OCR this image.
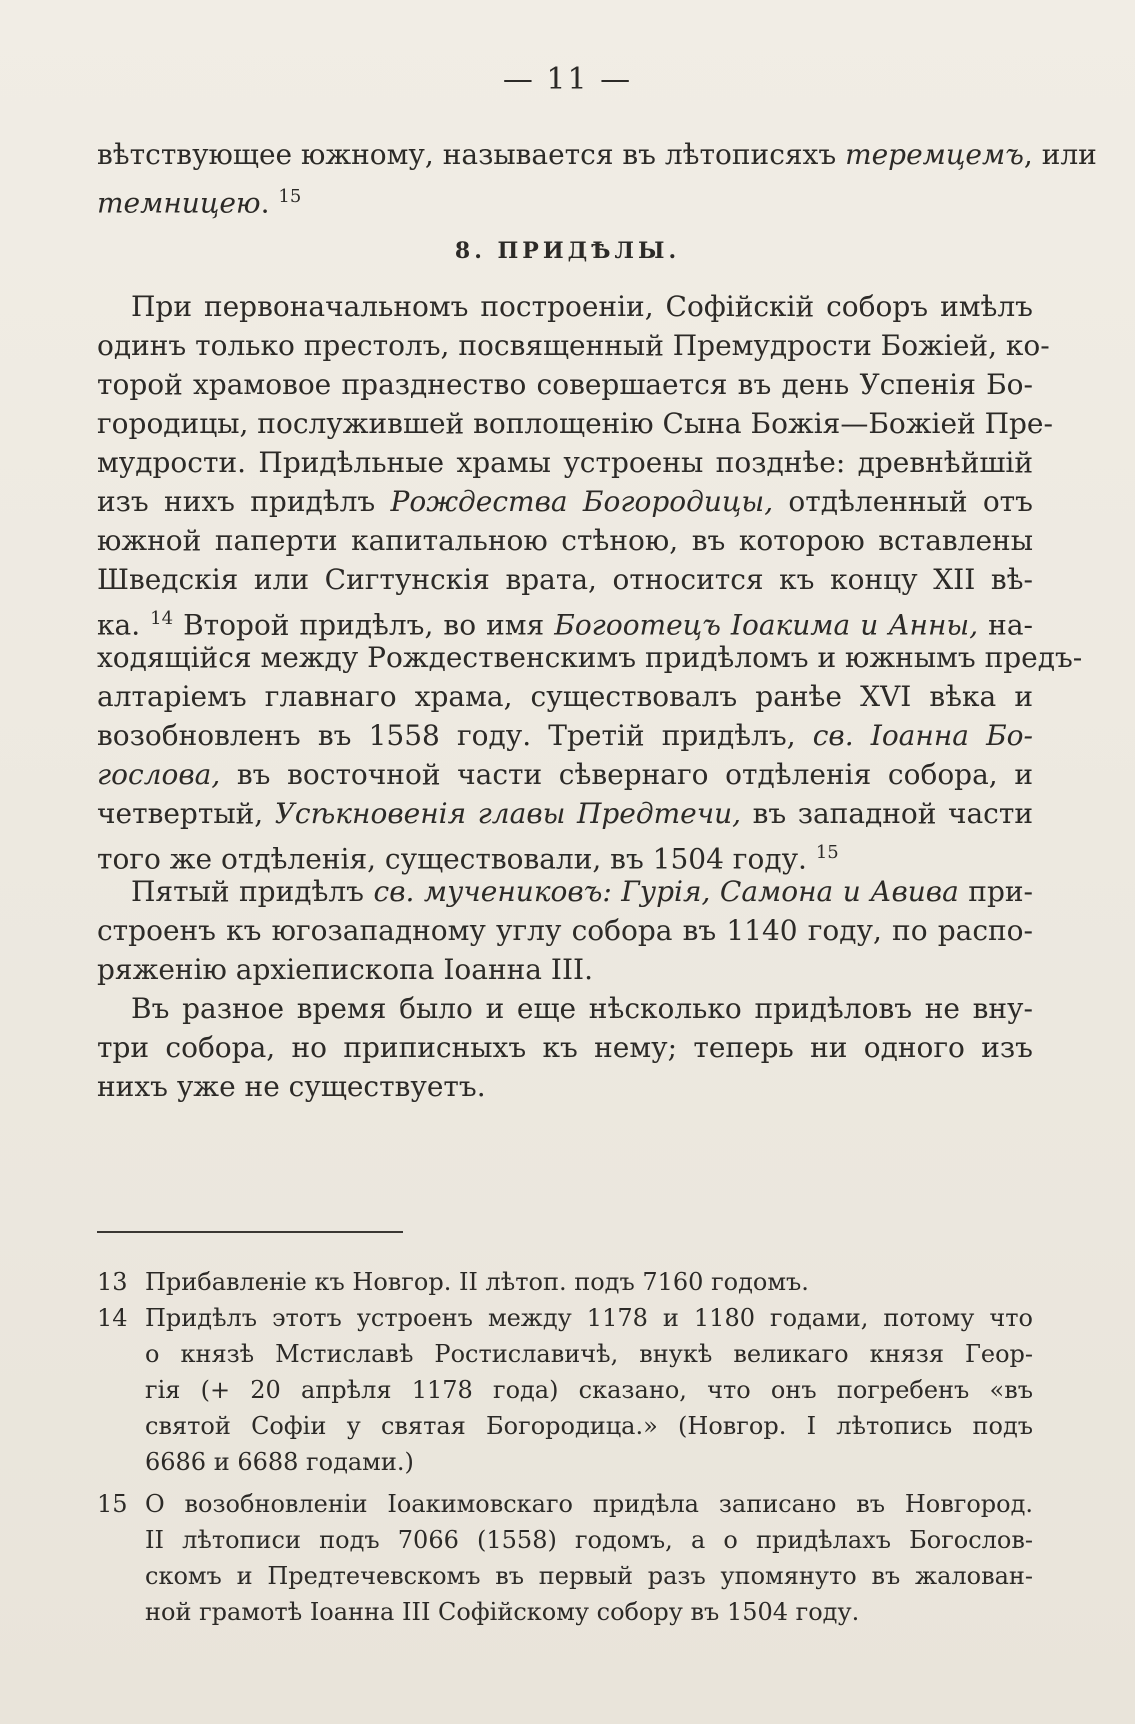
— 11 —
вѣтствующее южному, называется въ лѣтописяхъ теремцемъ, или
темницею. $^{15}$
8. ПРИДѢЛЫ.
При первоначальномъ построеніи, Софійскій соборъ имѣлъ
одинъ только престолъ, посвященный Премудрости Божіей, ко-
торой храмовое празднество совершается въ день Успенія Бо-
городицы, послужившей воплощенію Сына Божія—Божіей Пре-
мудрости. Придѣльные храмы устроены позднѣе: древнѣйшій
изъ нихъ придѣлъ Рождества Богородицы, отдѣленный отъ
южной паперти капитальною стѣною, въ которою вставлены
Шведскія или Сигтунскія врата, относится къ концу XII вѣ-
ка. $^{14}$ Второй придѣлъ, во имя Богоотецъ Іоакима и Анны, на-
ходящійся между Рождественскимъ придѣломъ и южнымъ предъ-
алтаріемъ главнаго храма, существовалъ ранѣе XVI вѣка и
возобновленъ въ 1558 году. Третій придѣлъ, св. Іоанна Бо-
гослова, въ восточной части сѣвернаго отдѣленія собора, и
четвертый, Усѣкновенія главы Предтечи, въ западной части
того же отдѣленія, существовали, въ 1504 году. $^{15}$
Пятый придѣлъ св. мучениковъ: Гурія, Самона и Авива при-
строенъ къ югозападному углу собора въ 1140 году, по распо-
ряженію архіепископа Іоанна III.
Въ разное время было и еще нѣсколько придѣловъ не вну-
три собора, но приписныхъ къ нему; теперь ни одного изъ
нихъ уже не существуетъ.
13 Прибавленіе къ Новгор. II лѣтоп. подъ 7160 годомъ.
14 Придѣлъ этотъ устроенъ между 1178 и 1180 годами, потому что
о князѣ Мстиславѣ Ростиславичѣ, внукѣ великаго князя Геор-
гія (+ 20 апрѣля 1178 года) сказано, что онъ погребенъ «въ
святой Софіи у святая Богородица.» (Новгор. I лѣтопись подъ
6686 и 6688 годами.)
15 О возобновленіи Іоакимовскаго придѣла записано въ Новгород.
II лѣтописи подъ 7066 (1558) годомъ, а о придѣлахъ Богослов-
скомъ и Предтечевскомъ въ первый разъ упомянуто въ жалован-
ной грамотѣ Іоанна III Софійскому собору въ 1504 году.
